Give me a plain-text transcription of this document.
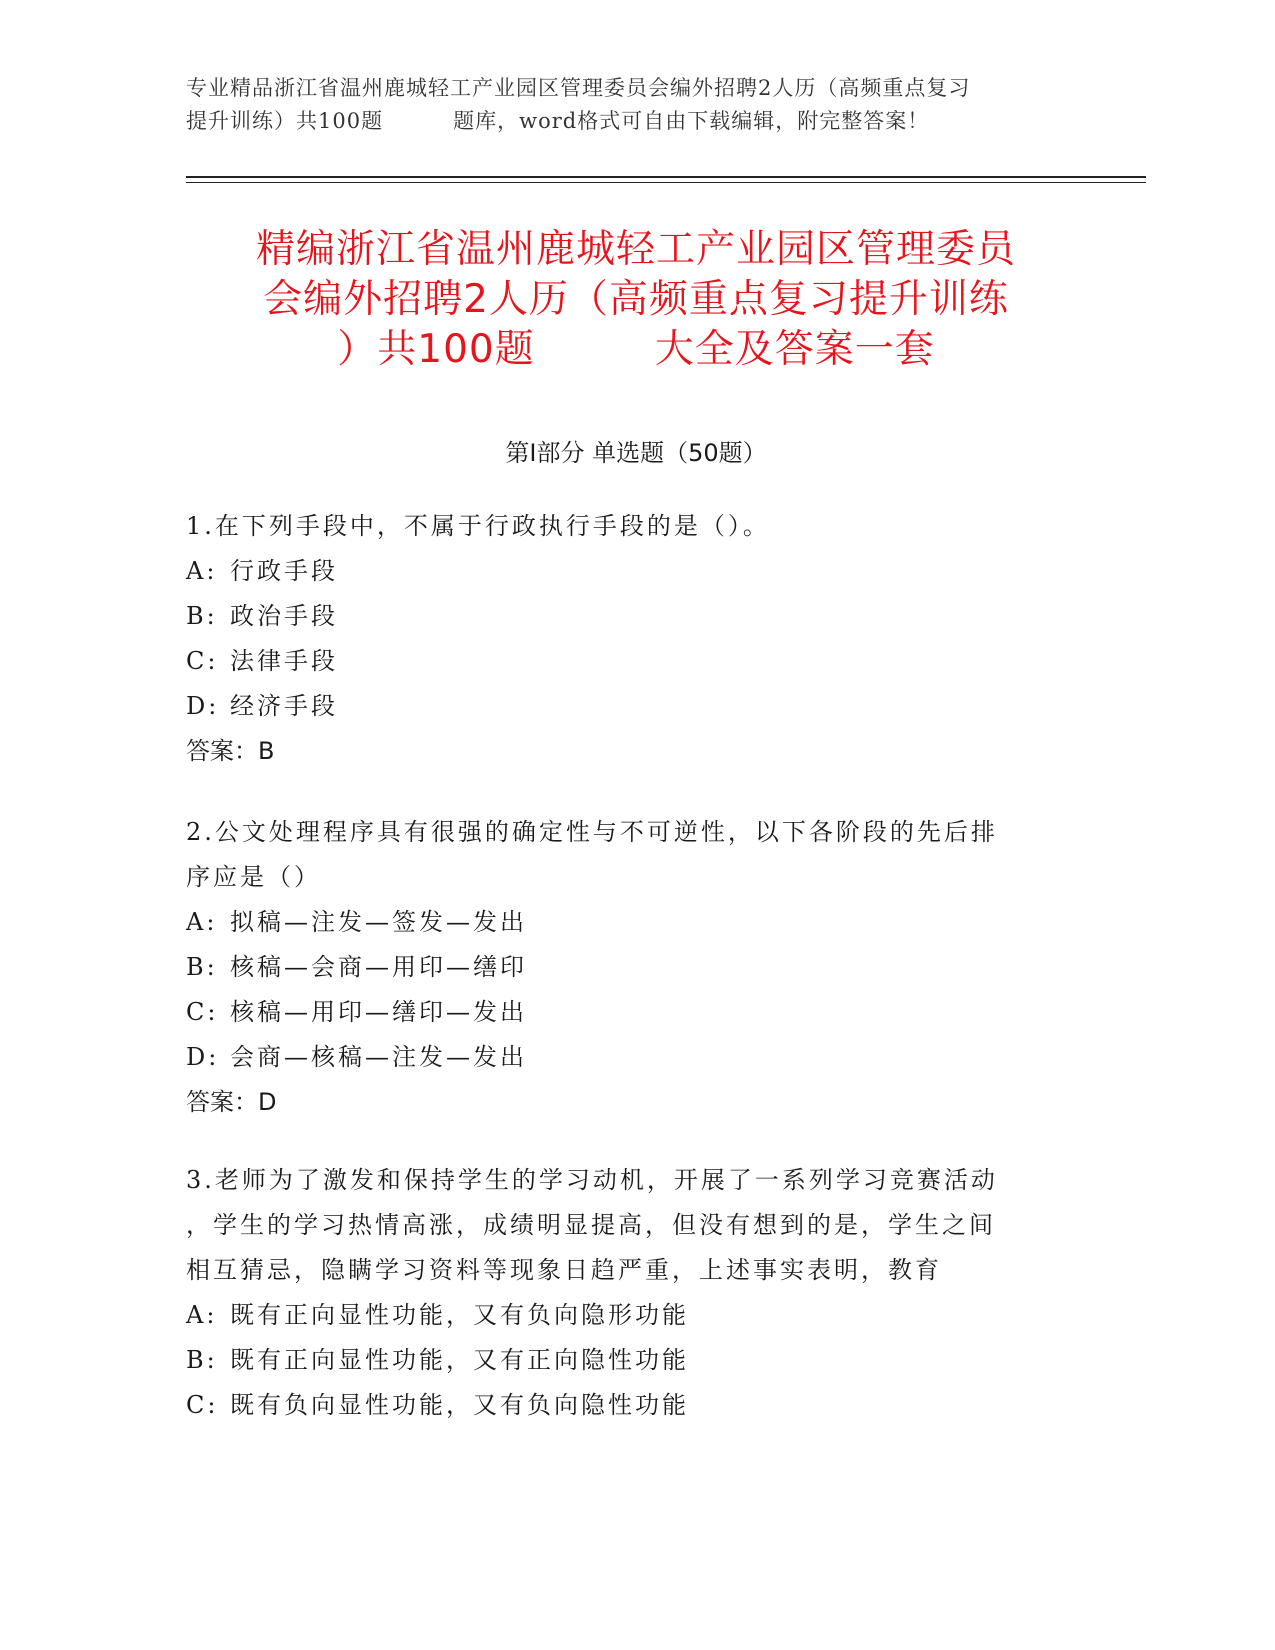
专业精品浙江省温州鹿城轻工产业园区管理委员会编外招聘2人历（高频重点复习
提升训练）共100题	题库，word格式可自由下载编辑，附完整答案！
精编浙江省温州鹿城轻工产业园区管理委员
会编外招聘2人历（高频重点复习提升训练
）共100题	大全及答案一套
第Ⅰ部分 单选题（50题）
1.在下列手段中，不属于行政执行手段的是（）。
A: 行政手段
B: 政治手段
C: 法律手段
D: 经济手段
答案：B
2.公文处理程序具有很强的确定性与不可逆性，以下各阶段的先后排
序应是（）
A: 拟稿—注发—签发—发出
B: 核稿—会商—用印—缮印
C: 核稿—用印—缮印—发出
D: 会商—核稿—注发—发出
答案：D
3.老师为了激发和保持学生的学习动机，开展了一系列学习竞赛活动
，学生的学习热情高涨，成绩明显提高，但没有想到的是，学生之间
相互猜忌，隐瞒学习资料等现象日趋严重，上述事实表明，教育
A: 既有正向显性功能，又有负向隐形功能
B: 既有正向显性功能，又有正向隐性功能
C: 既有负向显性功能，又有负向隐性功能
